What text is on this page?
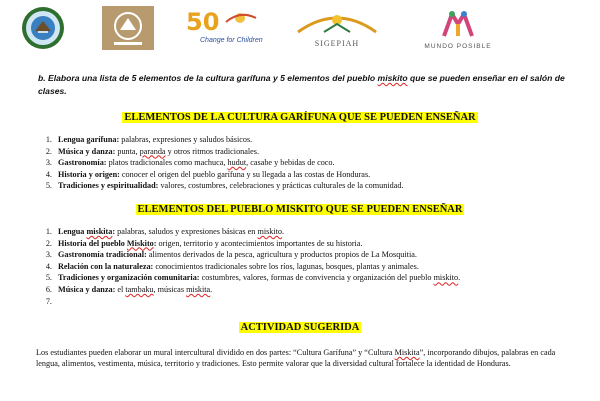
50
Change for Children	SIGEPIAH	MUNDO POSIBLE
b. Elabora una lista de 5 elementos de la cultura garífuna y 5 elementos del pueblo miskito que se pueden enseñar en el salón de clases.
ELEMENTOS DE LA CULTURA GARÍFUNA QUE SE PUEDEN ENSEÑAR
1. Lengua garífuna: palabras, expresiones y saludos básicos.
2. Música y danza: punta, paranda y otros ritmos tradicionales.
3. Gastronomía: platos tradicionales como machuca, hudut, casabe y bebidas de coco.
4. Historia y origen: conocer el origen del pueblo garífuna y su llegada a las costas de Honduras.
5. Tradiciones y espiritualidad: valores, costumbres, celebraciones y prácticas culturales de la comunidad.
ELEMENTOS DEL PUEBLO MISKITO QUE SE PUEDEN ENSEÑAR
1. Lengua miskita: palabras, saludos y expresiones básicas en miskito.
2. Historia del pueblo Miskito: origen, territorio y acontecimientos importantes de su historia.
3. Gastronomía tradicional: alimentos derivados de la pesca, agricultura y productos propios de La Mosquitia.
4. Relación con la naturaleza: conocimientos tradicionales sobre los ríos, lagunas, bosques, plantas y animales.
5. Tradiciones y organización comunitaria: costumbres, valores, formas de convivencia y organización del pueblo miskito.
6. Música y danza: el tambaku, músicas miskita.
7.
ACTIVIDAD SUGERIDA
Los estudiantes pueden elaborar un mural intercultural dividido en dos partes: “Cultura Garífuna” y “Cultura Miskita”, incorporando dibujos, palabras en cada lengua, alimentos, vestimenta, música, territorio y tradiciones. Esto permite valorar que la diversidad cultural fortalece la identidad de Honduras.
